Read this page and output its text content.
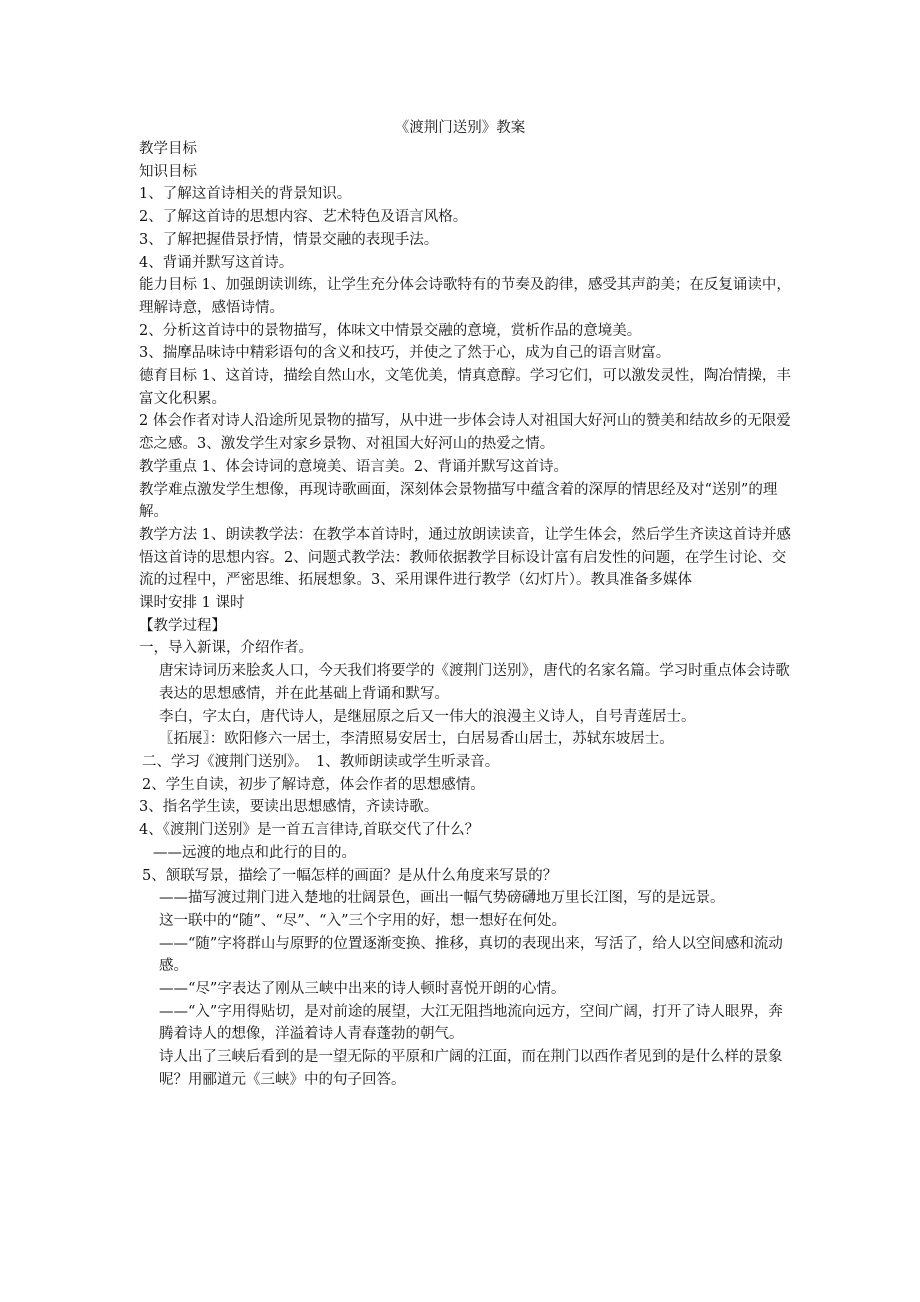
《渡荆门送别》教案

教学目标

知识目标

1、了解这首诗相关的背景知识。

2、了解这首诗的思想内容、艺术特色及语言风格。

3、了解把握借景抒情，情景交融的表现手法。

4、背诵并默写这首诗。

能力目标 1、加强朗读训练，让学生充分体会诗歌特有的节奏及韵律，感受其声韵美；在反复诵读中，理解诗意，感悟诗情。

2、分析这首诗中的景物描写，体味文中情景交融的意境，赏析作品的意境美。

3、揣摩品味诗中精彩语句的含义和技巧，并使之了然于心，成为自己的语言财富。

德育目标 1、这首诗，描绘自然山水，文笔优美，情真意醇。学习它们，可以激发灵性，陶冶情操，丰富文化积累。

2 体会作者对诗人沿途所见景物的描写，从中进一步体会诗人对祖国大好河山的赞美和结故乡的无限爱恋之感。3、激发学生对家乡景物、对祖国大好河山的热爱之情。

教学重点 1、体会诗词的意境美、语言美。2、背诵并默写这首诗。

教学难点激发学生想像，再现诗歌画面，深刻体会景物描写中蕴含着的深厚的情思经及对“送别”的理解。

教学方法 1、朗读教学法：在教学本首诗时，通过放朗读读音，让学生体会，然后学生齐读这首诗并感悟这首诗的思想内容。2、问题式教学法：教师依据教学目标设计富有启发性的问题，在学生讨论、交流的过程中，严密思维、拓展想象。3、采用课件进行教学（幻灯片）。教具准备多媒体

课时安排 1 课时

【教学过程】

一，导入新课，介绍作者。

唐宋诗词历来脍炙人口，今天我们将要学的《渡荆门送别》，唐代的名家名篇。学习时重点体会诗歌表达的思想感情，并在此基础上背诵和默写。

李白，字太白，唐代诗人，是继屈原之后又一伟大的浪漫主义诗人，自号青莲居士。

〖拓展〗：欧阳修六一居士，李清照易安居士，白居易香山居士，苏轼东坡居士。

二、学习《渡荆门送别》。　1、教师朗读或学生听录音。

2、学生自读，初步了解诗意，体会作者的思想感情。

3、指名学生读，要读出思想感情，齐读诗歌。

4、《渡荆门送别》是一首五言律诗,首联交代了什么？

——远渡的地点和此行的目的。

5、颔联写景，描绘了一幅怎样的画面？是从什么角度来写景的？

——描写渡过荆门进入楚地的壮阔景色，画出一幅气势磅礴地万里长江图，写的是远景。

这一联中的“随”、“尽”、“入”三个字用的好，想一想好在何处。

——“随”字将群山与原野的位置逐渐变换、推移，真切的表现出来，写活了，给人以空间感和流动感。

——“尽”字表达了刚从三峡中出来的诗人顿时喜悦开朗的心情。

——“入”字用得贴切，是对前途的展望，大江无阻挡地流向远方，空间广阔，打开了诗人眼界，奔腾着诗人的想像，洋溢着诗人青春蓬勃的朝气。

诗人出了三峡后看到的是一望无际的平原和广阔的江面，而在荆门以西作者见到的是什么样的景象呢？用郦道元《三峡》中的句子回答。
